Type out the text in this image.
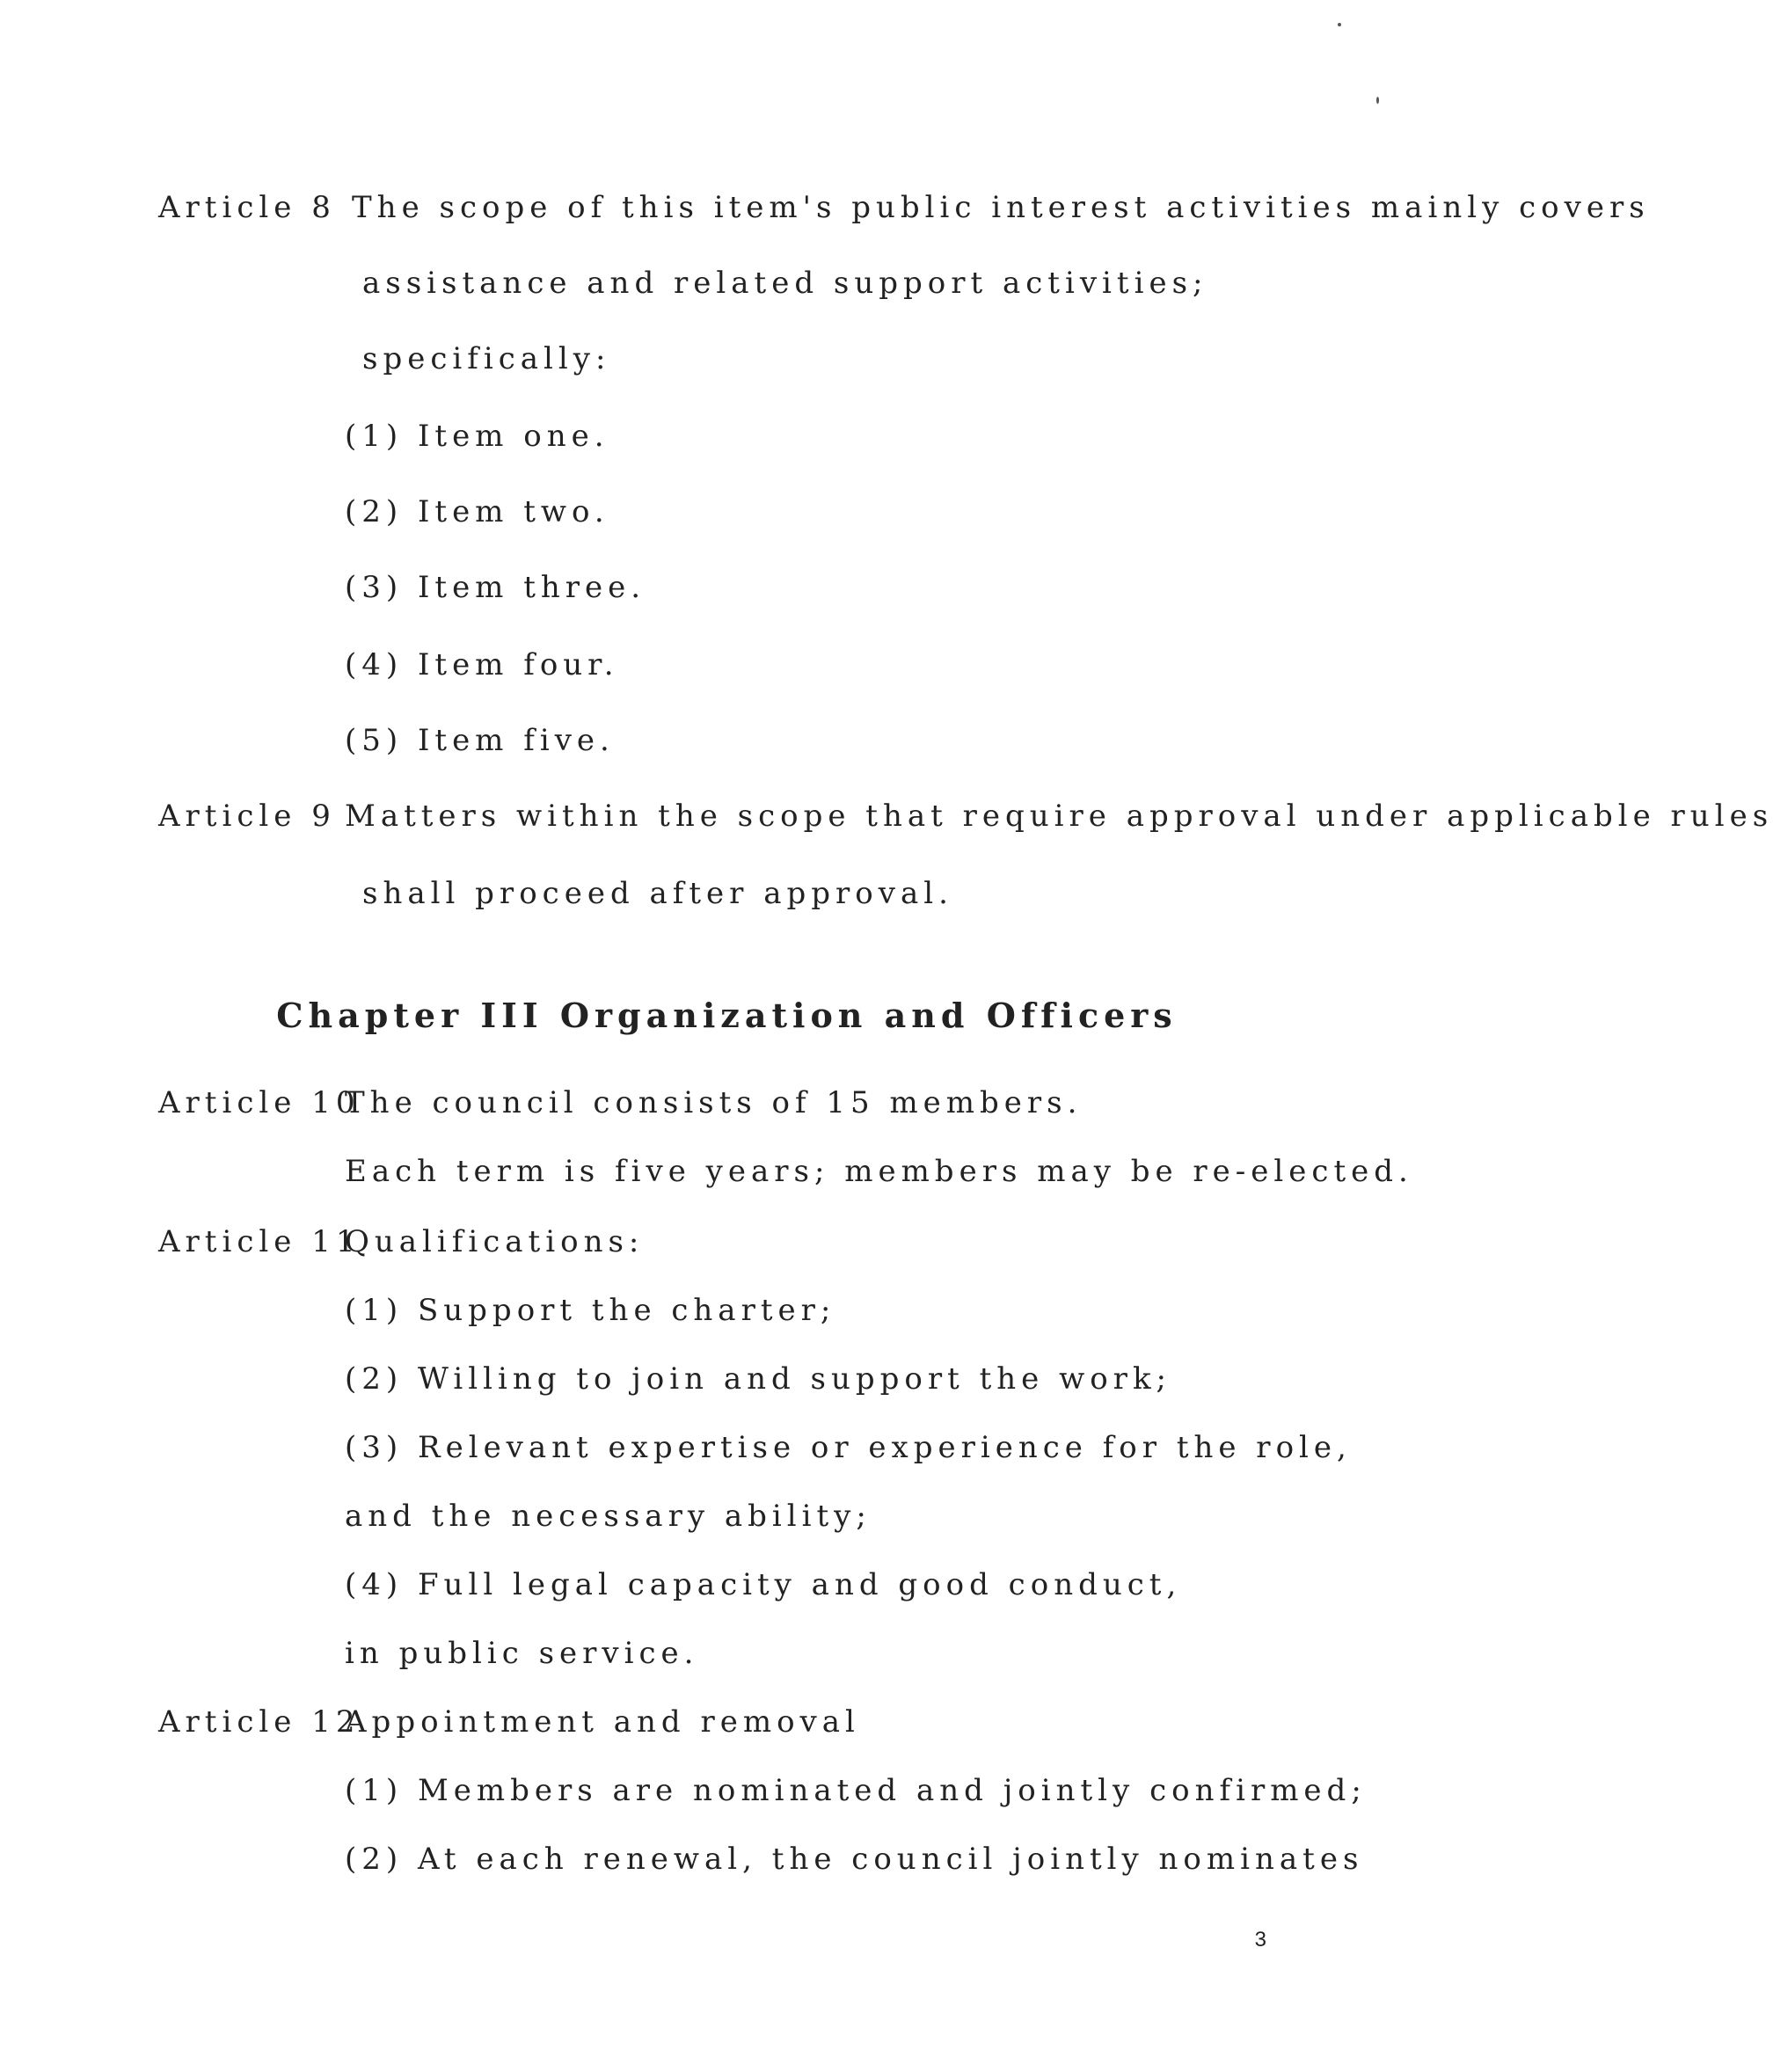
Article 8 The scope of this item's public interest activities mainly covers
assistance and related support activities;
specifically:
(1) Item one.
(2) Item two.
(3) Item three.
(4) Item four.
(5) Item five.
Article 9 Matters within the scope that require approval under applicable rules
shall proceed after approval.
Chapter III Organization and Officers
Article 10
The council consists of 15 members.
Each term is five years; members may be re-elected.
Article 11
Qualifications:
(1) Support the charter;
(2) Willing to join and support the work;
(3) Relevant expertise or experience for the role,
and the necessary ability;
(4) Full legal capacity and good conduct,
in public service.
Article 12
Appointment and removal
(1) Members are nominated and jointly confirmed;
(2) At each renewal, the council jointly nominates
3
